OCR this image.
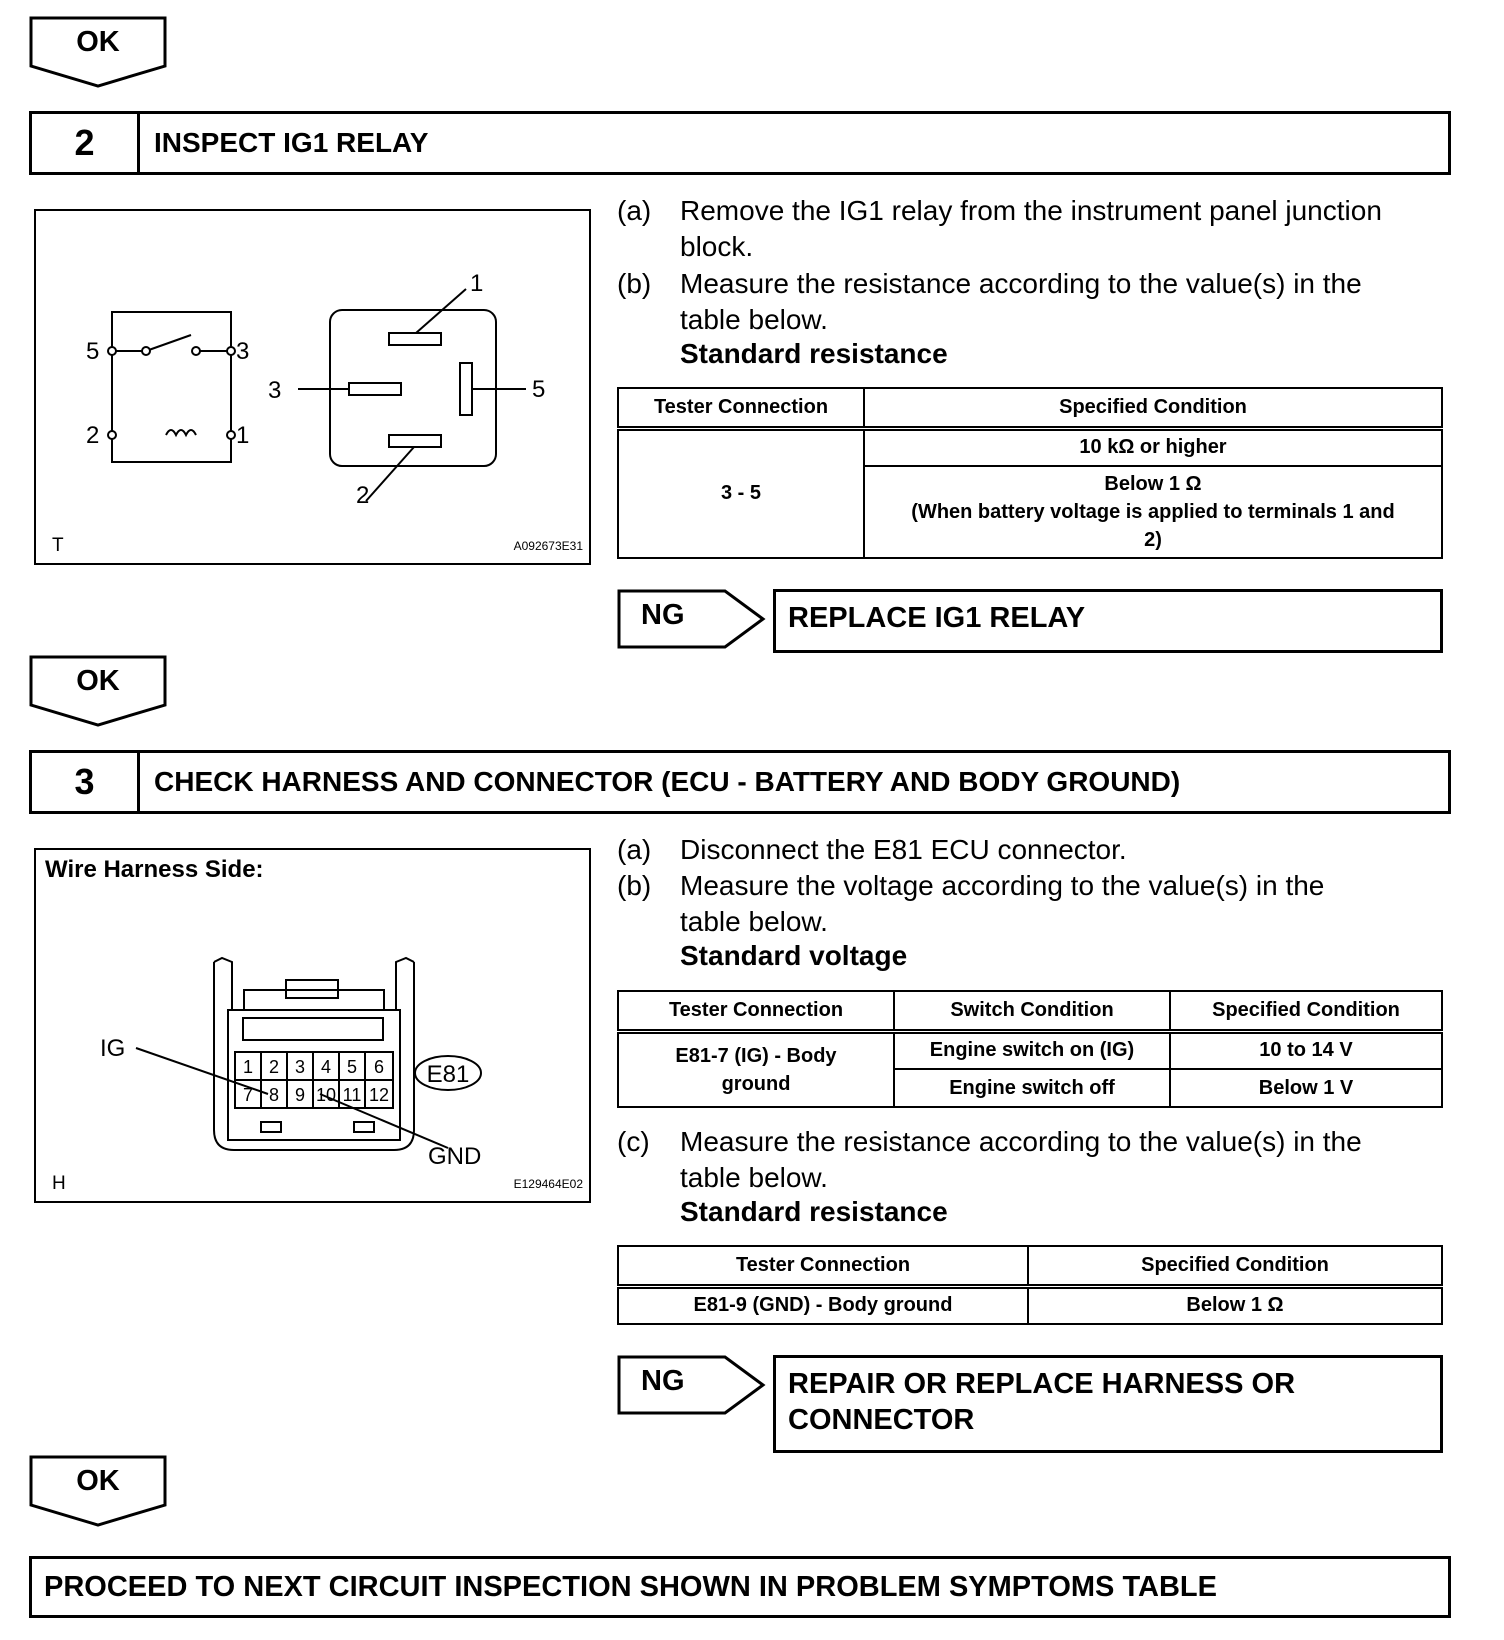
OK
2	INSPECT IG1 RELAY
5	3
2	1
1
3	5
2
T	A092673E31
(a) Remove the IG1 relay from the instrument panel junction
block.
(b) Measure the resistance according to the value(s) in the
table below.
Standard resistance
Tester Connection	Specified Condition
3 - 5	10 kΩ or higher
	Below 1 Ω
(When battery voltage is applied to terminals 1 and
2)
NG	REPLACE IG1 RELAY
OK
3	CHECK HARNESS AND CONNECTOR (ECU - BATTERY AND BODY GROUND)
Wire Harness Side:
1 2 3 4 5 6
7 8 9 10 11 12
IG
GND
E81
H	E129464E02
(a) Disconnect the E81 ECU connector.
(b) Measure the voltage according to the value(s) in the
table below.
Standard voltage
Tester Connection	Switch Condition	Specified Condition
E81-7 (IG) - Body
ground	Engine switch on (IG)	10 to 14 V
	Engine switch off	Below 1 V
(c) Measure the resistance according to the value(s) in the
table below.
Standard resistance
Tester Connection	Specified Condition
E81-9 (GND) - Body ground	Below 1 Ω
NG	REPAIR OR REPLACE HARNESS OR
CONNECTOR
OK
PROCEED TO NEXT CIRCUIT INSPECTION SHOWN IN PROBLEM SYMPTOMS TABLE
